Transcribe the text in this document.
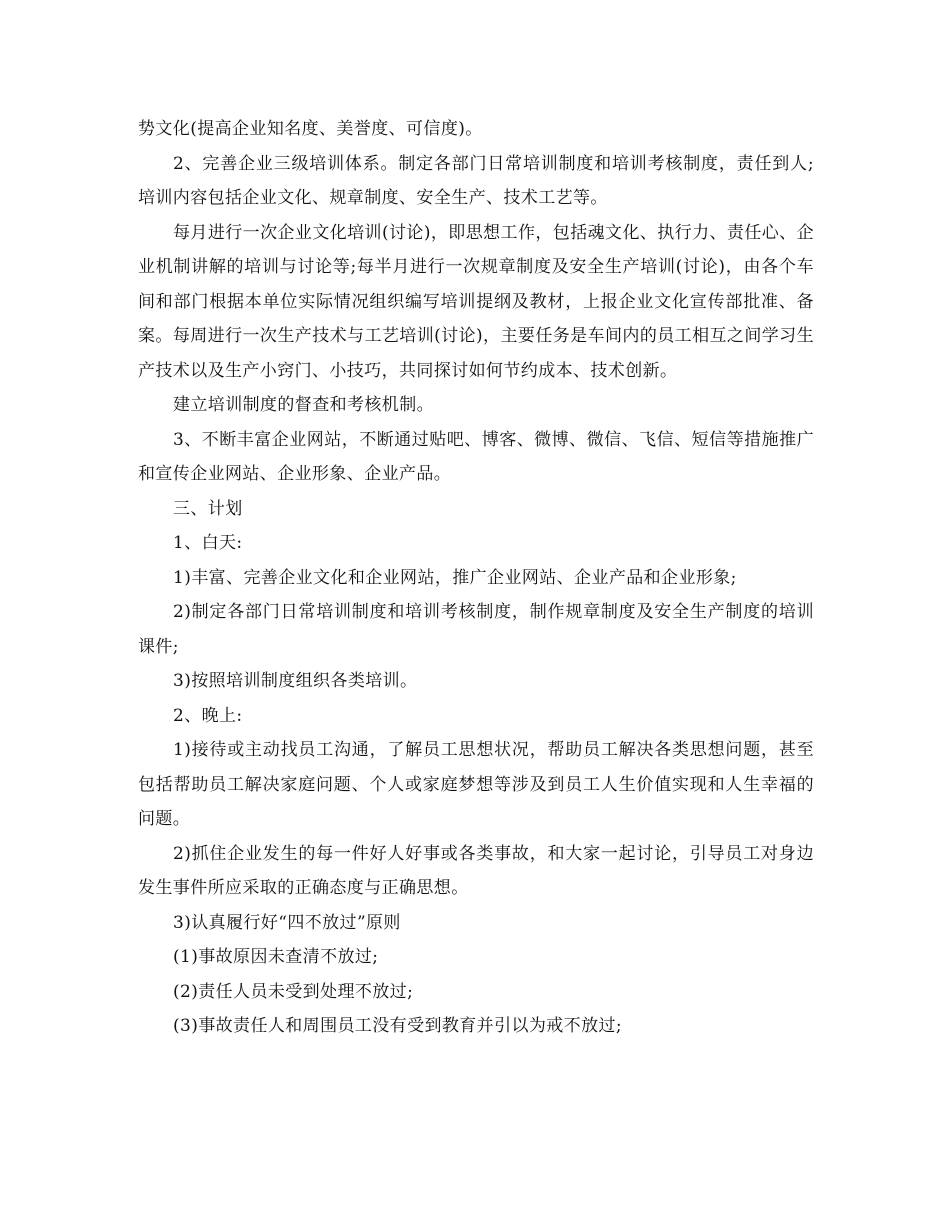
势文化(提高企业知名度、美誉度、可信度)。

2、完善企业三级培训体系。制定各部门日常培训制度和培训考核制度，责任到人;培训内容包括企业文化、规章制度、安全生产、技术工艺等。

每月进行一次企业文化培训(讨论)，即思想工作，包括魂文化、执行力、责任心、企业机制讲解的培训与讨论等;每半月进行一次规章制度及安全生产培训(讨论)，由各个车间和部门根据本单位实际情况组织编写培训提纲及教材，上报企业文化宣传部批准、备案。每周进行一次生产技术与工艺培训(讨论)，主要任务是车间内的员工相互之间学习生产技术以及生产小窍门、小技巧，共同探讨如何节约成本、技术创新。

建立培训制度的督查和考核机制。

3、不断丰富企业网站，不断通过贴吧、博客、微博、微信、飞信、短信等措施推广和宣传企业网站、企业形象、企业产品。

三、计划

1、白天:

1)丰富、完善企业文化和企业网站，推广企业网站、企业产品和企业形象;

2)制定各部门日常培训制度和培训考核制度，制作规章制度及安全生产制度的培训课件;

3)按照培训制度组织各类培训。

2、晚上:

1)接待或主动找员工沟通，了解员工思想状况，帮助员工解决各类思想问题，甚至包括帮助员工解决家庭问题、个人或家庭梦想等涉及到员工人生价值实现和人生幸福的问题。

2)抓住企业发生的每一件好人好事或各类事故，和大家一起讨论，引导员工对身边发生事件所应采取的正确态度与正确思想。

3)认真履行好“四不放过”原则

(1)事故原因未查清不放过;

(2)责任人员未受到处理不放过;

(3)事故责任人和周围员工没有受到教育并引以为戒不放过;
